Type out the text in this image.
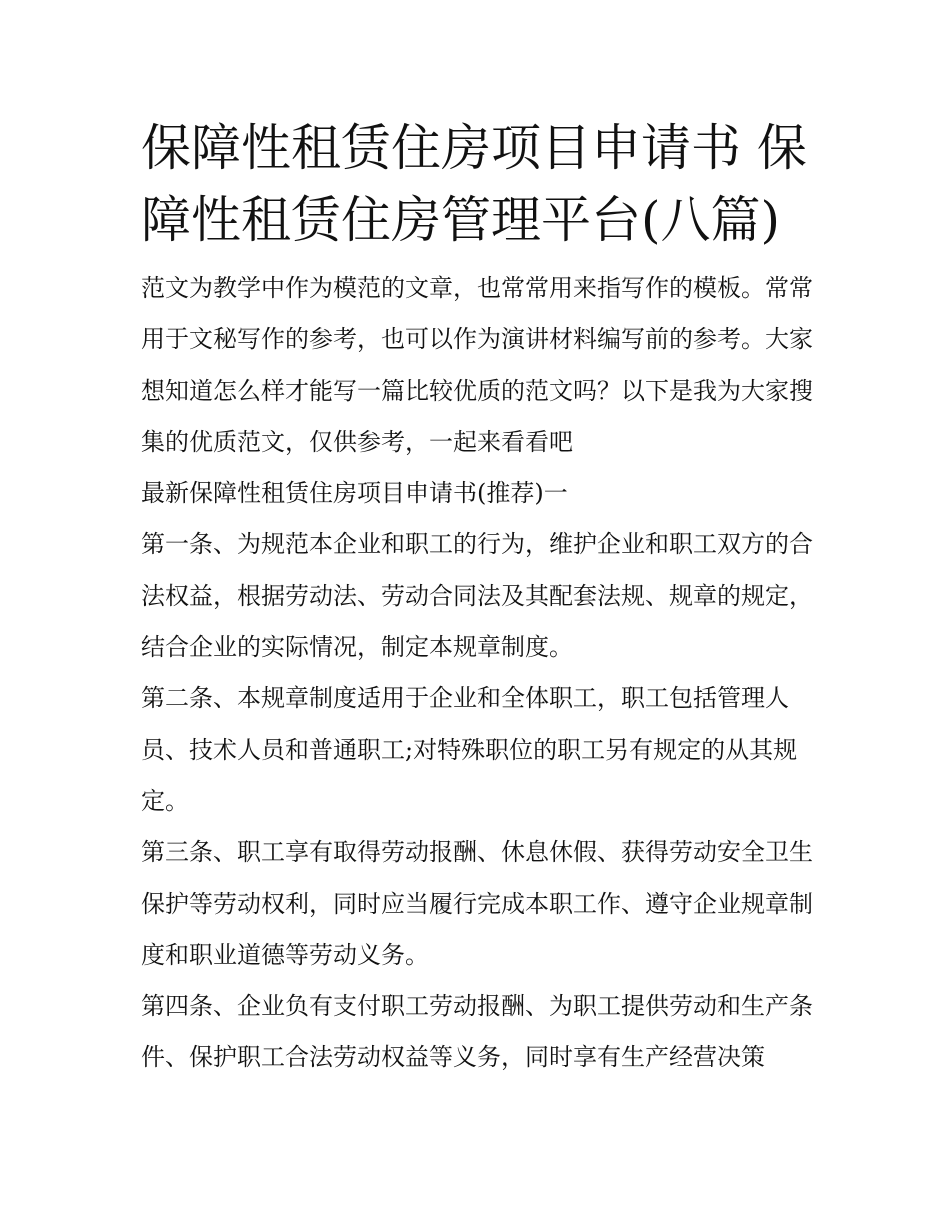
保障性租赁住房项目申请书 保障性租赁住房管理平台(八篇)

范文为教学中作为模范的文章，也常常用来指写作的模板。常常用于文秘写作的参考，也可以作为演讲材料编写前的参考。大家想知道怎么样才能写一篇比较优质的范文吗？以下是我为大家搜集的优质范文，仅供参考，一起来看看吧

最新保障性租赁住房项目申请书(推荐)一

第一条、为规范本企业和职工的行为，维护企业和职工双方的合法权益，根据劳动法、劳动合同法及其配套法规、规章的规定，结合企业的实际情况，制定本规章制度。

第二条、本规章制度适用于企业和全体职工，职工包括管理人员、技术人员和普通职工;对特殊职位的职工另有规定的从其规定。

第三条、职工享有取得劳动报酬、休息休假、获得劳动安全卫生保护等劳动权利，同时应当履行完成本职工作、遵守企业规章制度和职业道德等劳动义务。

第四条、企业负有支付职工劳动报酬、为职工提供劳动和生产条件、保护职工合法劳动权益等义务，同时享有生产经营决策
